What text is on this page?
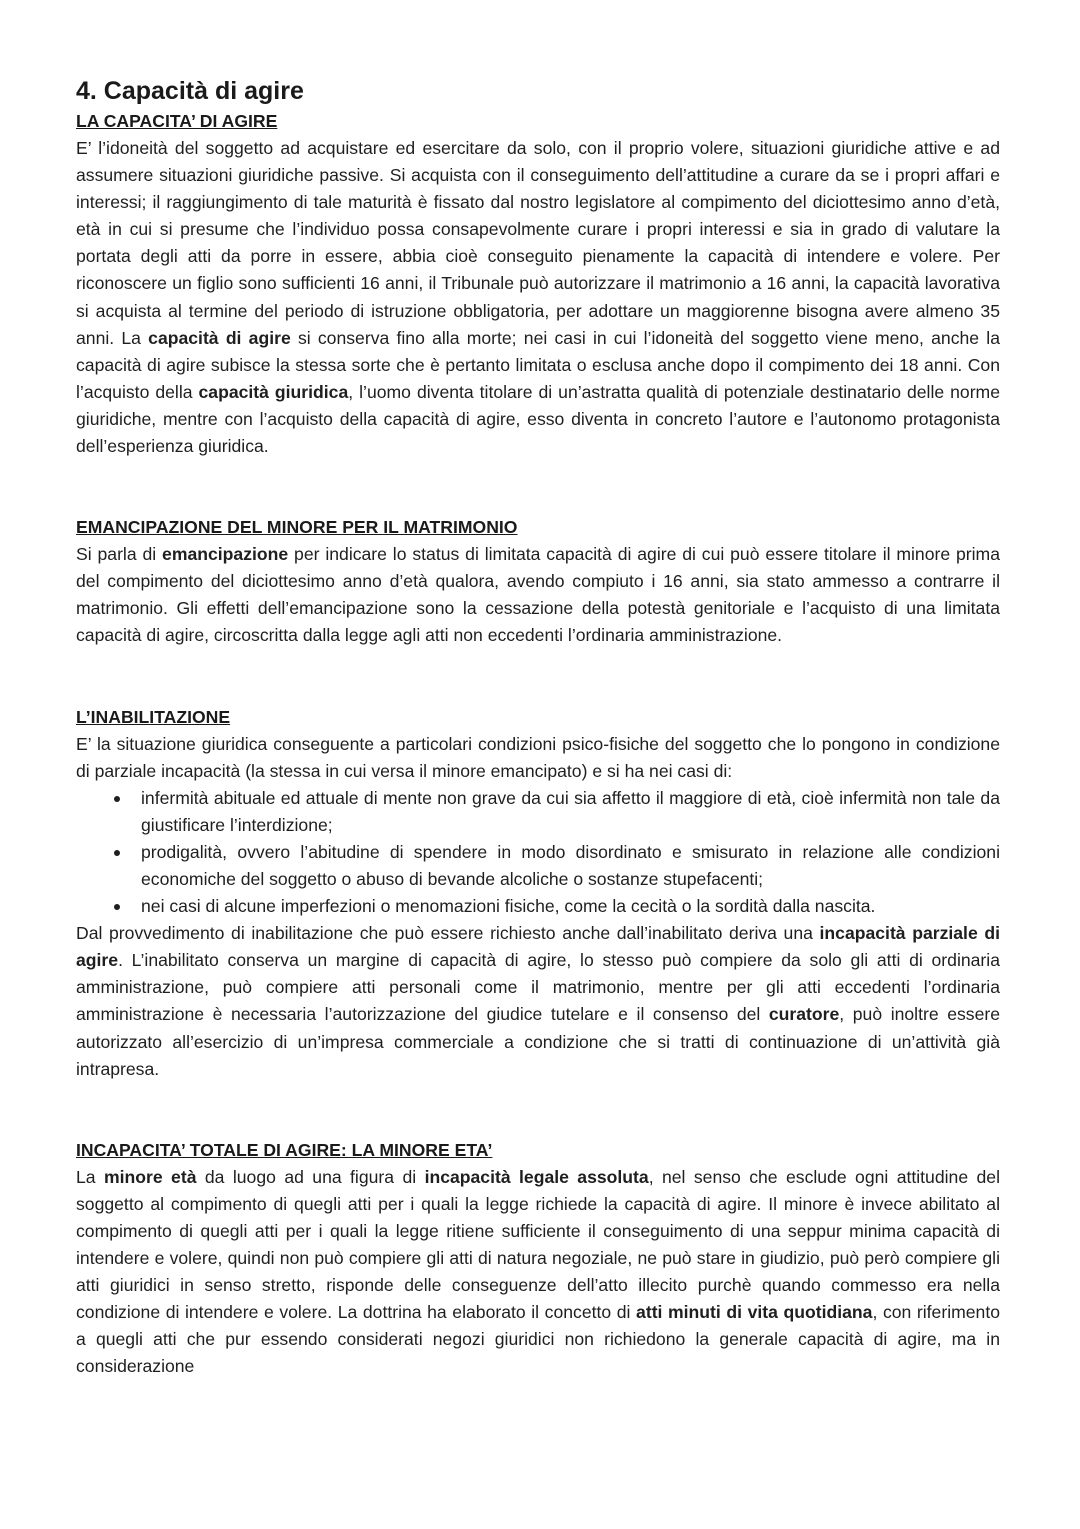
4. Capacità di agire
LA CAPACITA’ DI AGIRE

E’ l’idoneità del soggetto ad acquistare ed esercitare da solo, con il proprio volere, situazioni giuridiche attive e ad assumere situazioni giuridiche passive. Si acquista con il conseguimento dell’attitudine a curare da se i propri affari e interessi; il raggiungimento di tale maturità è fissato dal nostro legislatore al compimento del diciottesimo anno d’età, età in cui si presume che l’individuo possa consapevolmente curare i propri interessi e sia in grado di valutare la portata degli atti da porre in essere, abbia cioè conseguito pienamente la capacità di intendere e volere. Per riconoscere un figlio sono sufficienti 16 anni, il Tribunale può autorizzare il matrimonio a 16 anni, la capacità lavorativa si acquista al termine del periodo di istruzione obbligatoria, per adottare un maggiorenne bisogna avere almeno 35 anni. La capacità di agire si conserva fino alla morte; nei casi in cui l’idoneità del soggetto viene meno, anche la capacità di agire subisce la stessa sorte che è pertanto limitata o esclusa anche dopo il compimento dei 18 anni. Con l’acquisto della capacità giuridica, l’uomo diventa titolare di un’astratta qualità di potenziale destinatario delle norme giuridiche, mentre con l’acquisto della capacità di agire, esso diventa in concreto l’autore e l’autonomo protagonista dell’esperienza giuridica.

EMANCIPAZIONE DEL MINORE PER IL MATRIMONIO

Si parla di emancipazione per indicare lo status di limitata capacità di agire di cui può essere titolare il minore prima del compimento del diciottesimo anno d’età qualora, avendo compiuto i 16 anni, sia stato ammesso a contrarre il matrimonio. Gli effetti dell’emancipazione sono la cessazione della potestà genitoriale e l’acquisto di una limitata capacità di agire, circoscritta dalla legge agli atti non eccedenti l’ordinaria amministrazione.

L’INABILITAZIONE

E’ la situazione giuridica conseguente a particolari condizioni psico-fisiche del soggetto che lo pongono in condizione di parziale incapacità (la stessa in cui versa il minore emancipato) e si ha nei casi di:

infermità abituale ed attuale di mente non grave da cui sia affetto il maggiore di età, cioè infermità non tale da giustificare l’interdizione;
prodigalità, ovvero l’abitudine di spendere in modo disordinato e smisurato in relazione alle condizioni economiche del soggetto o abuso di bevande alcoliche o sostanze stupefacenti;
nei casi di alcune imperfezioni o menomazioni fisiche, come la cecità o la sordità dalla nascita.

Dal provvedimento di inabilitazione che può essere richiesto anche dall’inabilitato deriva una incapacità parziale di agire. L’inabilitato conserva un margine di capacità di agire, lo stesso può compiere da solo gli atti di ordinaria amministrazione, può compiere atti personali come il matrimonio, mentre per gli atti eccedenti l’ordinaria amministrazione è necessaria l’autorizzazione del giudice tutelare e il consenso del curatore, può inoltre essere autorizzato all’esercizio di un’impresa commerciale a condizione che si tratti di continuazione di un’attività già intrapresa.

INCAPACITA’ TOTALE DI AGIRE: LA MINORE ETA’

La minore età da luogo ad una figura di incapacità legale assoluta, nel senso che esclude ogni attitudine del soggetto al compimento di quegli atti per i quali la legge richiede la capacità di agire. Il minore è invece abilitato al compimento di quegli atti per i quali la legge ritiene sufficiente il conseguimento di una seppur minima capacità di intendere e volere, quindi non può compiere gli atti di natura negoziale, ne può stare in giudizio, può però compiere gli atti giuridici in senso stretto, risponde delle conseguenze dell’atto illecito purchè quando commesso era nella condizione di intendere e volere. La dottrina ha elaborato il concetto di atti minuti di vita quotidiana, con riferimento a quegli atti che pur essendo considerati negozi giuridici non richiedono la generale capacità di agire, ma in considerazione
